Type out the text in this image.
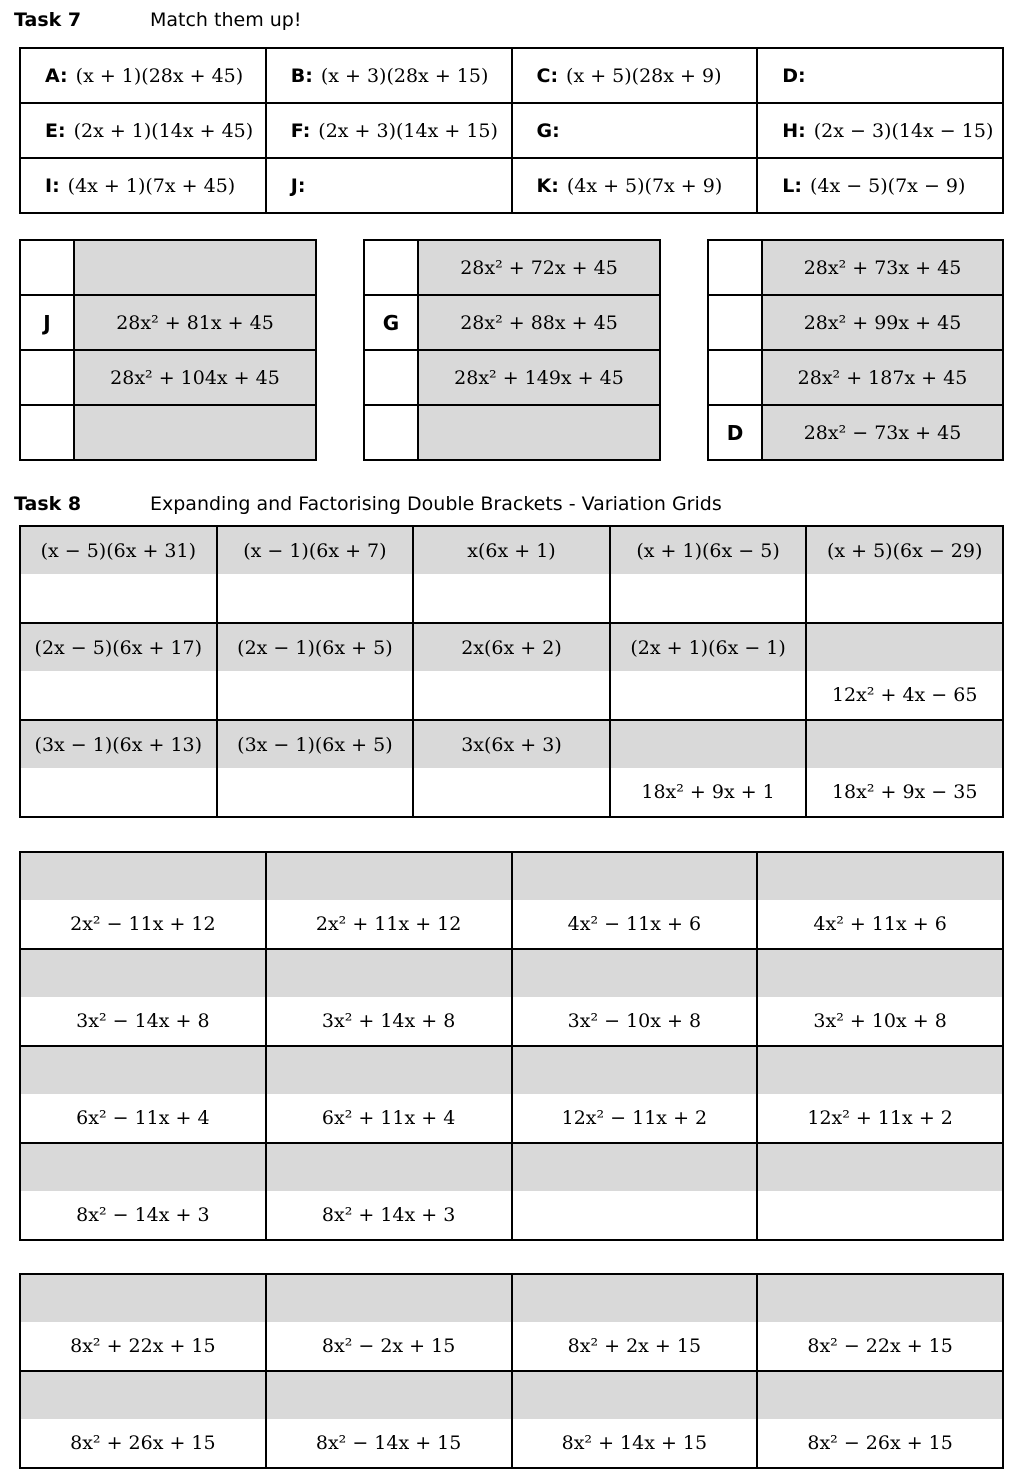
Task 7	Match them up!
A: (x + 1)(28x + 45)	B: (x + 3)(28x + 15)	C: (x + 5)(28x + 9)	D:
E: (2x + 1)(14x + 45)	F: (2x + 3)(14x + 15)	G:	H: (2x − 3)(14x − 15)
I: (4x + 1)(7x + 45)	J:	K: (4x + 5)(7x + 9)	L: (4x − 5)(7x − 9)

J	28x² + 81x + 45
	28x² + 104x + 45

	28x² + 72x + 45
G	28x² + 88x + 45
	28x² + 149x + 45

	28x² + 73x + 45
	28x² + 99x + 45
	28x² + 187x + 45
D	28x² − 73x + 45
Task 8	Expanding and Factorising Double Brackets - Variation Grids
(x − 5)(6x + 31)	(x − 1)(6x + 7)	x(6x + 1)	(x + 1)(6x − 5)	(x + 5)(6x − 29)

(2x − 5)(6x + 17)	(2x − 1)(6x + 5)	2x(6x + 2)	(2x + 1)(6x − 1)	12x² + 4x − 65

(3x − 1)(6x + 13)	(3x − 1)(6x + 5)	3x(6x + 3)	18x² + 9x + 1	18x² + 9x − 35
2x² − 11x + 12	2x² + 11x + 12	4x² − 11x + 6	4x² + 11x + 6

3x² − 14x + 8	3x² + 14x + 8	3x² − 10x + 8	3x² + 10x + 8

6x² − 11x + 4	6x² + 11x + 4	12x² − 11x + 2	12x² + 11x + 2

8x² − 14x + 3	8x² + 14x + 3		

8x² + 22x + 15	8x² − 2x + 15	8x² + 2x + 15	8x² − 22x + 15

8x² + 26x + 15	8x² − 14x + 15	8x² + 14x + 15	8x² − 26x + 15
